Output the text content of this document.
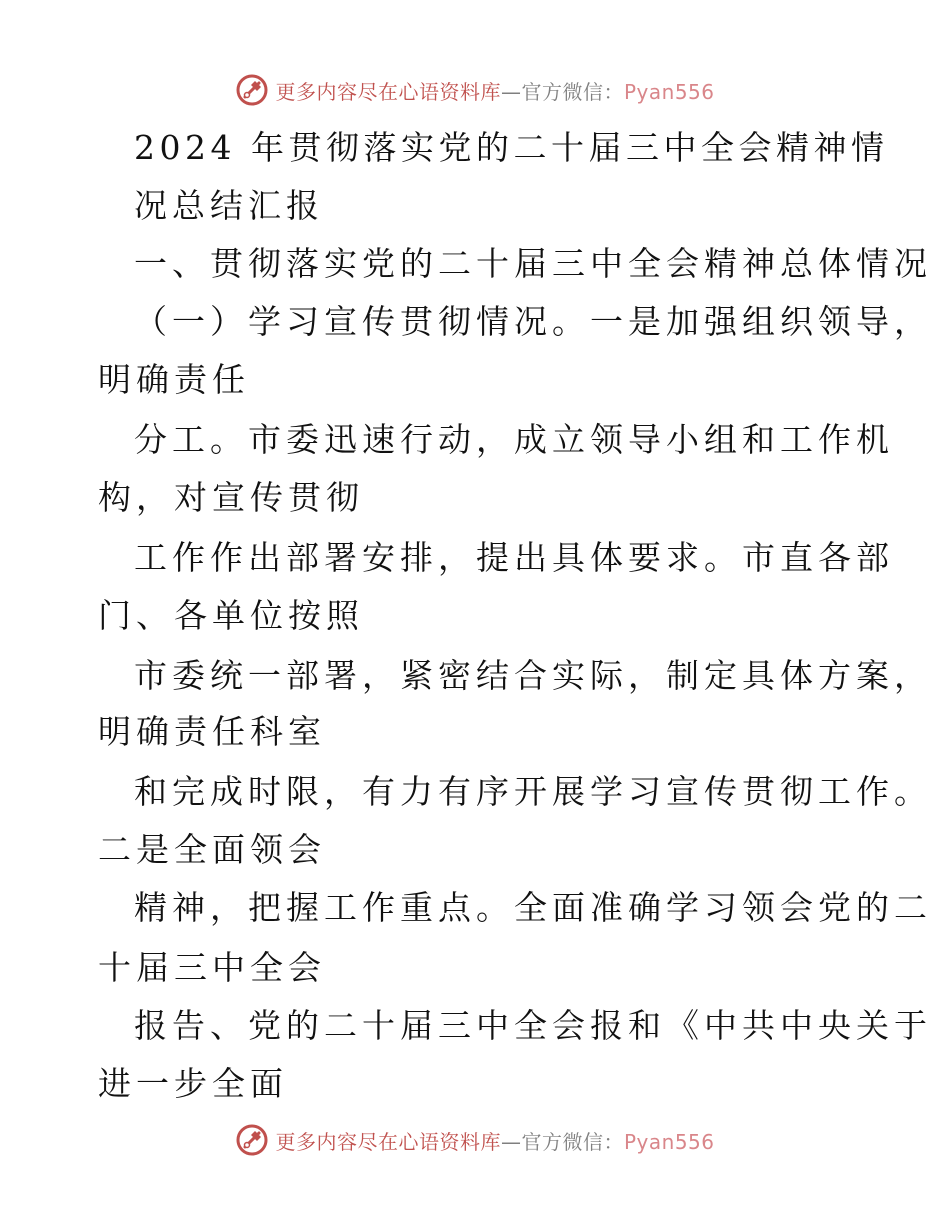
更多内容尽在心语资料库—官方微信：Pyan556
2024 年贯彻落实党的二十届三中全会精神情
况总结汇报
一、贯彻落实党的二十届三中全会精神总体情况
（一）学习宣传贯彻情况。一是加强组织领导，
明确责任
分工。市委迅速行动，成立领导小组和工作机
构，对宣传贯彻
工作作出部署安排，提出具体要求。市直各部
门、各单位按照
市委统一部署，紧密结合实际，制定具体方案，
明确责任科室
和完成时限，有力有序开展学习宣传贯彻工作。
二是全面领会
精神，把握工作重点。全面准确学习领会党的二
十届三中全会
报告、党的二十届三中全会报和《中共中央关于
进一步全面
更多内容尽在心语资料库—官方微信：Pyan556
